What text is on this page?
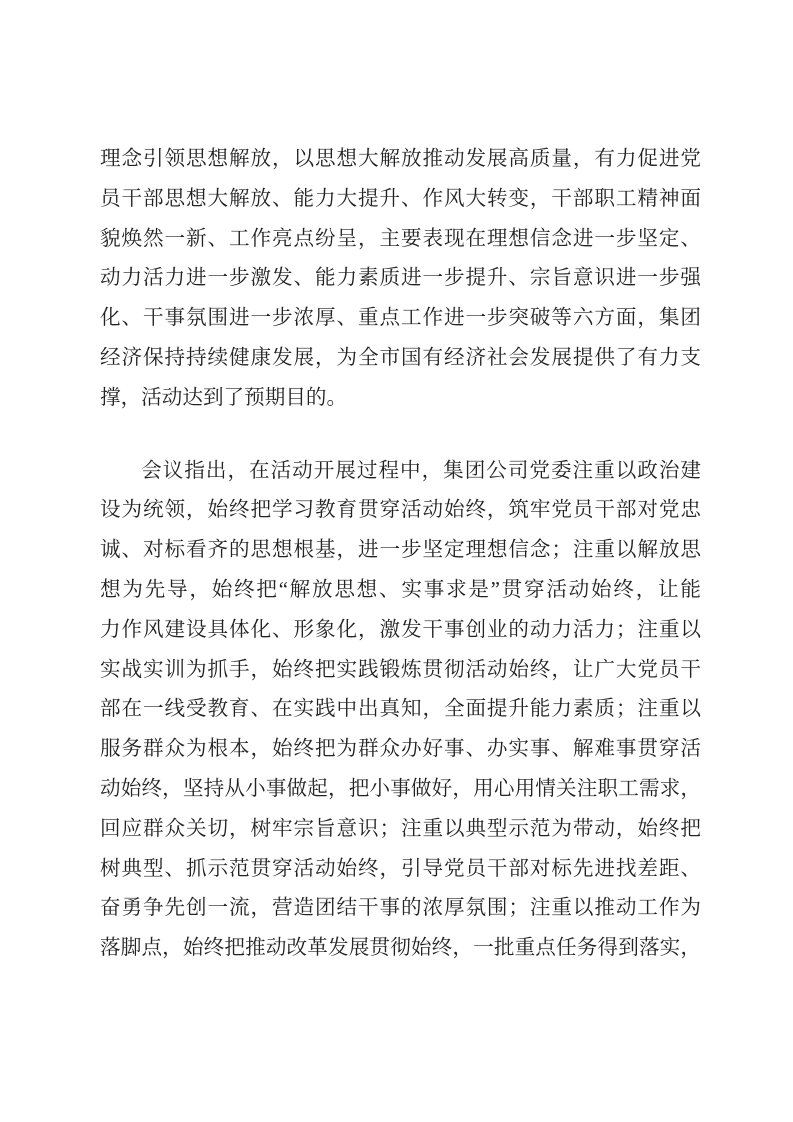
理念引领思想解放，以思想大解放推动发展高质量，有力促进党
员干部思想大解放、能力大提升、作风大转变，干部职工精神面
貌焕然一新、工作亮点纷呈，主要表现在理想信念进一步坚定、
动力活力进一步激发、能力素质进一步提升、宗旨意识进一步强
化、干事氛围进一步浓厚、重点工作进一步突破等六方面，集团
经济保持持续健康发展，为全市国有经济社会发展提供了有力支
撑，活动达到了预期目的。
会议指出，在活动开展过程中，集团公司党委注重以政治建
设为统领，始终把学习教育贯穿活动始终，筑牢党员干部对党忠
诚、对标看齐的思想根基，进一步坚定理想信念；注重以解放思
想为先导，始终把“解放思想、实事求是”贯穿活动始终，让能
力作风建设具体化、形象化，激发干事创业的动力活力；注重以
实战实训为抓手，始终把实践锻炼贯彻活动始终，让广大党员干
部在一线受教育、在实践中出真知，全面提升能力素质；注重以
服务群众为根本，始终把为群众办好事、办实事、解难事贯穿活
动始终，坚持从小事做起，把小事做好，用心用情关注职工需求，
回应群众关切，树牢宗旨意识；注重以典型示范为带动，始终把
树典型、抓示范贯穿活动始终，引导党员干部对标先进找差距、
奋勇争先创一流，营造团结干事的浓厚氛围；注重以推动工作为
落脚点，始终把推动改革发展贯彻始终，一批重点任务得到落实，
